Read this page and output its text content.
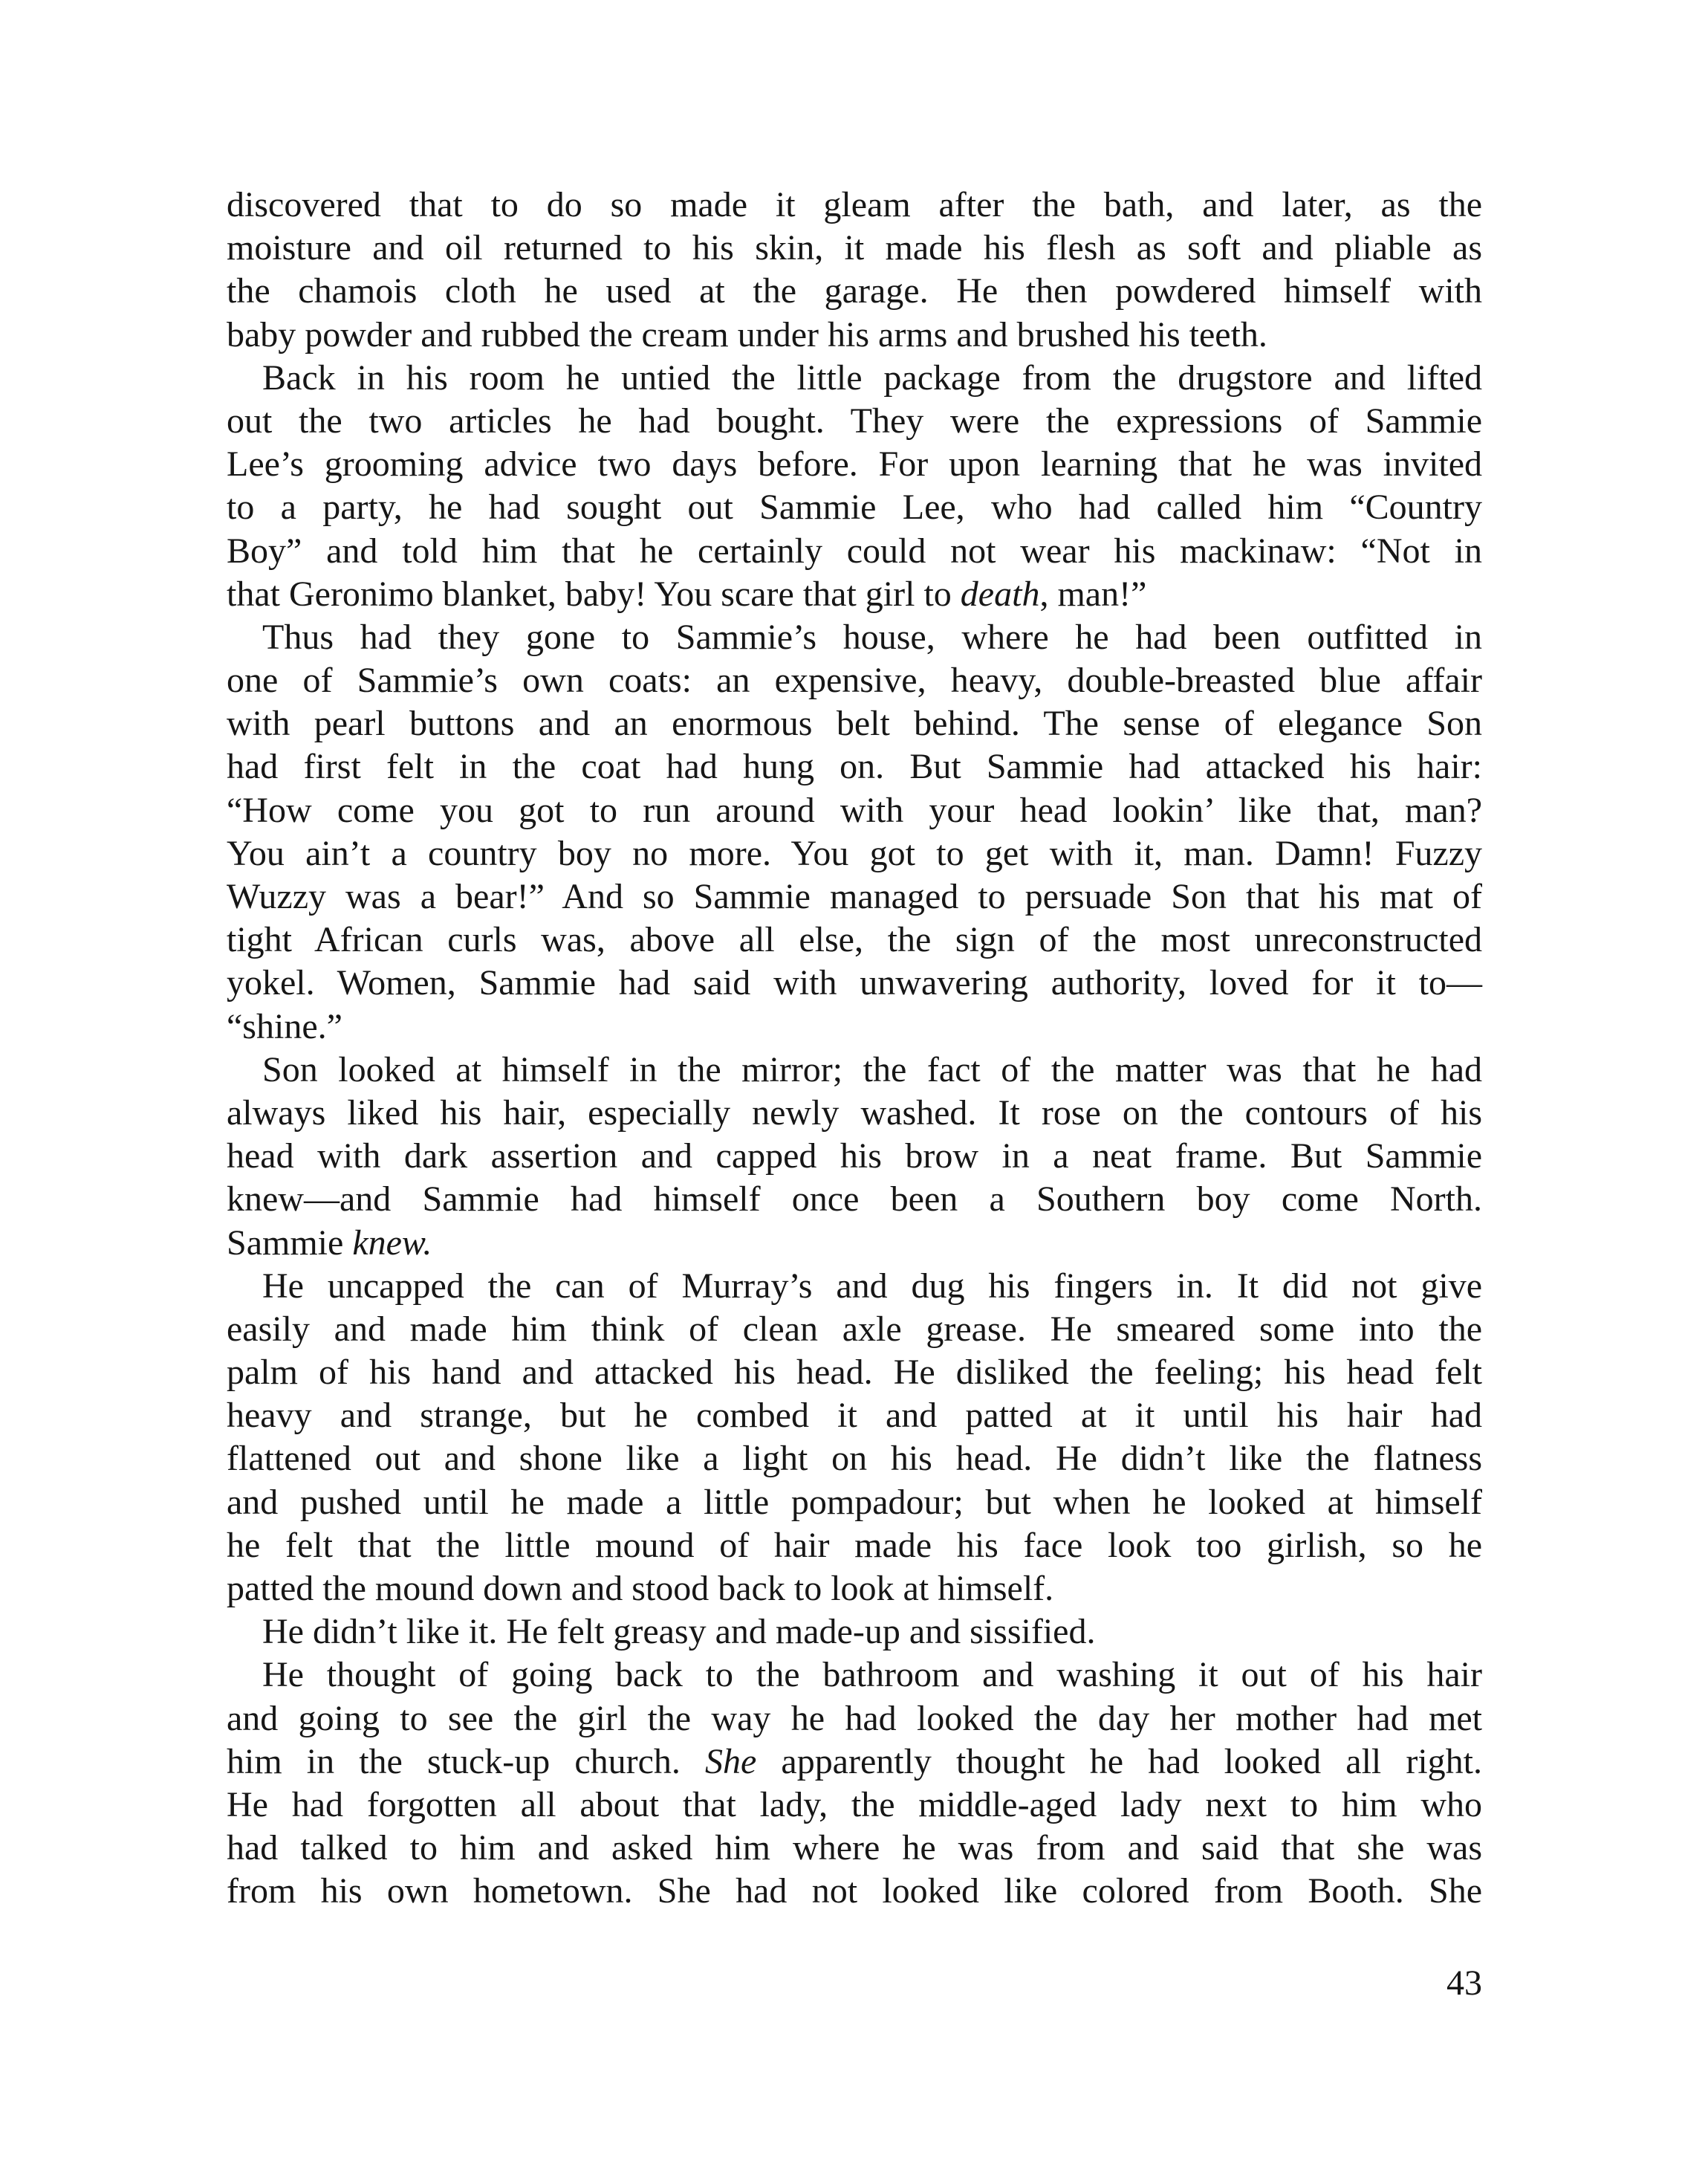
discovered that to do so made it gleam after the bath, and later, as the
moisture and oil returned to his skin, it made his flesh as soft and pliable as
the chamois cloth he used at the garage. He then powdered himself with
baby powder and rubbed the cream under his arms and brushed his teeth.
Back in his room he untied the little package from the drugstore and lifted
out the two articles he had bought. They were the expressions of Sammie
Lee’s grooming advice two days before. For upon learning that he was invited
to a party, he had sought out Sammie Lee, who had called him “Country
Boy” and told him that he certainly could not wear his mackinaw: “Not in
that Geronimo blanket, baby! You scare that girl to death, man!”
Thus had they gone to Sammie’s house, where he had been outfitted in
one of Sammie’s own coats: an expensive, heavy, double-breasted blue affair
with pearl buttons and an enormous belt behind. The sense of elegance Son
had first felt in the coat had hung on. But Sammie had attacked his hair:
“How come you got to run around with your head lookin’ like that, man?
You ain’t a country boy no more. You got to get with it, man. Damn! Fuzzy
Wuzzy was a bear!” And so Sammie managed to persuade Son that his mat of
tight African curls was, above all else, the sign of the most unreconstructed
yokel. Women, Sammie had said with unwavering authority, loved for it to—
“shine.”
Son looked at himself in the mirror; the fact of the matter was that he had
always liked his hair, especially newly washed. It rose on the contours of his
head with dark assertion and capped his brow in a neat frame. But Sammie
knew—and Sammie had himself once been a Southern boy come North.
Sammie knew.
He uncapped the can of Murray’s and dug his fingers in. It did not give
easily and made him think of clean axle grease. He smeared some into the
palm of his hand and attacked his head. He disliked the feeling; his head felt
heavy and strange, but he combed it and patted at it until his hair had
flattened out and shone like a light on his head. He didn’t like the flatness
and pushed until he made a little pompadour; but when he looked at himself
he felt that the little mound of hair made his face look too girlish, so he
patted the mound down and stood back to look at himself.
He didn’t like it. He felt greasy and made-up and sissified.
He thought of going back to the bathroom and washing it out of his hair
and going to see the girl the way he had looked the day her mother had met
him in the stuck-up church. She apparently thought he had looked all right.
He had forgotten all about that lady, the middle-aged lady next to him who
had talked to him and asked him where he was from and said that she was
from his own hometown. She had not looked like colored from Booth. She
43
